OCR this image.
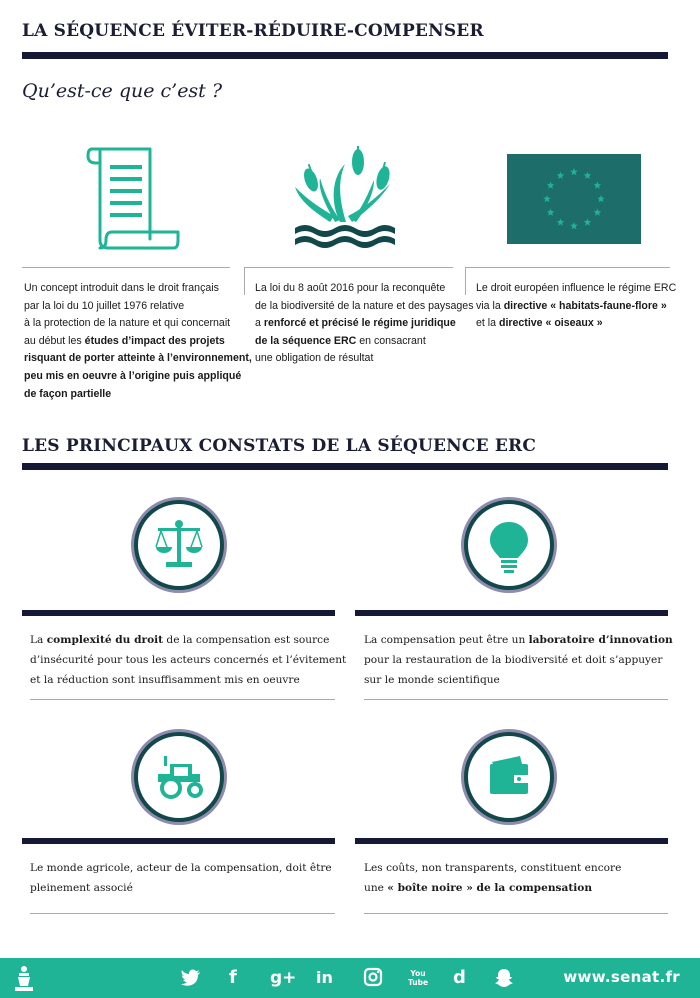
LA SÉQUENCE ÉVITER-RÉDUIRE-COMPENSER
Qu’est-ce que c’est ?
Un concept introduit dans le droit français
par la loi du 10 juillet 1976 relative
à la protection de la nature et qui concernait
au début les études d’impact des projets
risquant de porter atteinte à l’environnement,
peu mis en oeuvre à l’origine puis appliqué
de façon partielle
La loi du 8 août 2016 pour la reconquête
de la biodiversité de la nature et des paysages
a renforcé et précisé le régime juridique
de la séquence ERC en consacrant
une obligation de résultat
Le droit européen influence le régime ERC
via la directive « habitats-faune-flore »
et la directive « oiseaux »
LES PRINCIPAUX CONSTATS DE LA SÉQUENCE ERC
La complexité du droit de la compensation est source
d’insécurité pour tous les acteurs concernés et l’évitement
et la réduction sont insuffisamment mis en oeuvre
La compensation peut être un laboratoire d’innovation
pour la restauration de la biodiversité et doit s’appuyer
sur le monde scientifique
Le monde agricole, acteur de la compensation, doit être
pleinement associé
Les coûts, non transparents, constituent encore
une « boîte noire » de la compensation
f g+ in	You Tube d	www.senat.fr
